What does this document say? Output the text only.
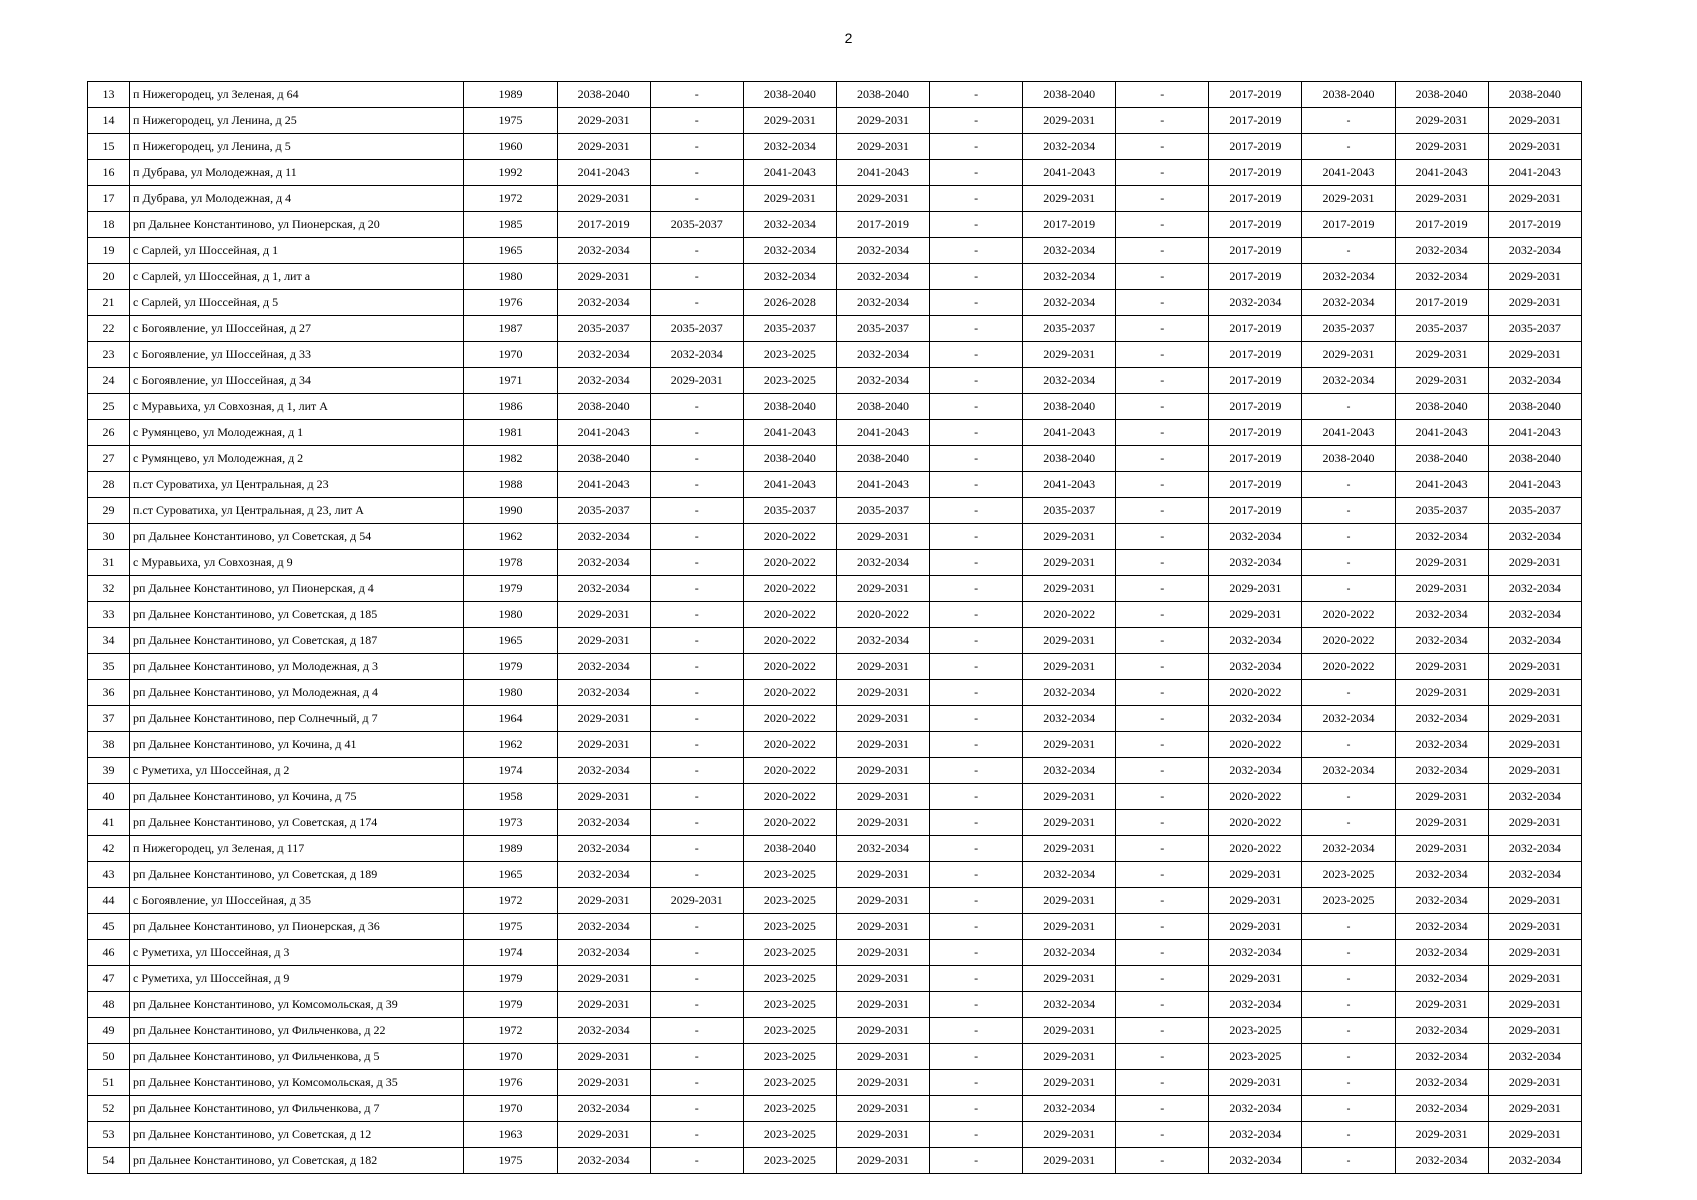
2
13	п Нижегородец, ул Зеленая, д 64	1989	2038-2040	-	2038-2040	2038-2040	-	2038-2040	-	2017-2019	2038-2040	2038-2040	2038-2040
14	п Нижегородец, ул Ленина, д 25	1975	2029-2031	-	2029-2031	2029-2031	-	2029-2031	-	2017-2019	-	2029-2031	2029-2031
15	п Нижегородец, ул Ленина, д 5	1960	2029-2031	-	2032-2034	2029-2031	-	2032-2034	-	2017-2019	-	2029-2031	2029-2031
16	п Дубрава, ул Молодежная, д 11	1992	2041-2043	-	2041-2043	2041-2043	-	2041-2043	-	2017-2019	2041-2043	2041-2043	2041-2043
17	п Дубрава, ул Молодежная, д 4	1972	2029-2031	-	2029-2031	2029-2031	-	2029-2031	-	2017-2019	2029-2031	2029-2031	2029-2031
18	рп Дальнее Константиново, ул Пионерская, д 20	1985	2017-2019	2035-2037	2032-2034	2017-2019	-	2017-2019	-	2017-2019	2017-2019	2017-2019	2017-2019
19	с Сарлей, ул Шоссейная, д 1	1965	2032-2034	-	2032-2034	2032-2034	-	2032-2034	-	2017-2019	-	2032-2034	2032-2034
20	с Сарлей, ул Шоссейная, д 1, лит а	1980	2029-2031	-	2032-2034	2032-2034	-	2032-2034	-	2017-2019	2032-2034	2032-2034	2029-2031
21	с Сарлей, ул Шоссейная, д 5	1976	2032-2034	-	2026-2028	2032-2034	-	2032-2034	-	2032-2034	2032-2034	2017-2019	2029-2031
22	с Богоявление, ул Шоссейная, д 27	1987	2035-2037	2035-2037	2035-2037	2035-2037	-	2035-2037	-	2017-2019	2035-2037	2035-2037	2035-2037
23	с Богоявление, ул Шоссейная, д 33	1970	2032-2034	2032-2034	2023-2025	2032-2034	-	2029-2031	-	2017-2019	2029-2031	2029-2031	2029-2031
24	с Богоявление, ул Шоссейная, д 34	1971	2032-2034	2029-2031	2023-2025	2032-2034	-	2032-2034	-	2017-2019	2032-2034	2029-2031	2032-2034
25	с Муравьиха, ул Совхозная, д 1, лит А	1986	2038-2040	-	2038-2040	2038-2040	-	2038-2040	-	2017-2019	-	2038-2040	2038-2040
26	с Румянцево, ул Молодежная, д 1	1981	2041-2043	-	2041-2043	2041-2043	-	2041-2043	-	2017-2019	2041-2043	2041-2043	2041-2043
27	с Румянцево, ул Молодежная, д 2	1982	2038-2040	-	2038-2040	2038-2040	-	2038-2040	-	2017-2019	2038-2040	2038-2040	2038-2040
28	п.ст Суроватиха, ул Центральная, д 23	1988	2041-2043	-	2041-2043	2041-2043	-	2041-2043	-	2017-2019	-	2041-2043	2041-2043
29	п.ст Суроватиха, ул Центральная, д 23, лит А	1990	2035-2037	-	2035-2037	2035-2037	-	2035-2037	-	2017-2019	-	2035-2037	2035-2037
30	рп Дальнее Константиново, ул Советская, д 54	1962	2032-2034	-	2020-2022	2029-2031	-	2029-2031	-	2032-2034	-	2032-2034	2032-2034
31	с Муравьиха, ул Совхозная, д 9	1978	2032-2034	-	2020-2022	2032-2034	-	2029-2031	-	2032-2034	-	2029-2031	2029-2031
32	рп Дальнее Константиново, ул Пионерская, д 4	1979	2032-2034	-	2020-2022	2029-2031	-	2029-2031	-	2029-2031	-	2029-2031	2032-2034
33	рп Дальнее Константиново, ул Советская, д 185	1980	2029-2031	-	2020-2022	2020-2022	-	2020-2022	-	2029-2031	2020-2022	2032-2034	2032-2034
34	рп Дальнее Константиново, ул Советская, д 187	1965	2029-2031	-	2020-2022	2032-2034	-	2029-2031	-	2032-2034	2020-2022	2032-2034	2032-2034
35	рп Дальнее Константиново, ул Молодежная, д 3	1979	2032-2034	-	2020-2022	2029-2031	-	2029-2031	-	2032-2034	2020-2022	2029-2031	2029-2031
36	рп Дальнее Константиново, ул Молодежная, д 4	1980	2032-2034	-	2020-2022	2029-2031	-	2032-2034	-	2020-2022	-	2029-2031	2029-2031
37	рп Дальнее Константиново, пер Солнечный, д 7	1964	2029-2031	-	2020-2022	2029-2031	-	2032-2034	-	2032-2034	2032-2034	2032-2034	2029-2031
38	рп Дальнее Константиново, ул Кочина, д 41	1962	2029-2031	-	2020-2022	2029-2031	-	2029-2031	-	2020-2022	-	2032-2034	2029-2031
39	с Руметиха, ул Шоссейная, д 2	1974	2032-2034	-	2020-2022	2029-2031	-	2032-2034	-	2032-2034	2032-2034	2032-2034	2029-2031
40	рп Дальнее Константиново, ул Кочина, д 75	1958	2029-2031	-	2020-2022	2029-2031	-	2029-2031	-	2020-2022	-	2029-2031	2032-2034
41	рп Дальнее Константиново, ул Советская, д 174	1973	2032-2034	-	2020-2022	2029-2031	-	2029-2031	-	2020-2022	-	2029-2031	2029-2031
42	п Нижегородец, ул Зеленая, д 117	1989	2032-2034	-	2038-2040	2032-2034	-	2029-2031	-	2020-2022	2032-2034	2029-2031	2032-2034
43	рп Дальнее Константиново, ул Советская, д 189	1965	2032-2034	-	2023-2025	2029-2031	-	2032-2034	-	2029-2031	2023-2025	2032-2034	2032-2034
44	с Богоявление, ул Шоссейная, д 35	1972	2029-2031	2029-2031	2023-2025	2029-2031	-	2029-2031	-	2029-2031	2023-2025	2032-2034	2029-2031
45	рп Дальнее Константиново, ул Пионерская, д 36	1975	2032-2034	-	2023-2025	2029-2031	-	2029-2031	-	2029-2031	-	2032-2034	2029-2031
46	с Руметиха, ул Шоссейная, д 3	1974	2032-2034	-	2023-2025	2029-2031	-	2032-2034	-	2032-2034	-	2032-2034	2029-2031
47	с Руметиха, ул Шоссейная, д 9	1979	2029-2031	-	2023-2025	2029-2031	-	2029-2031	-	2029-2031	-	2032-2034	2029-2031
48	рп Дальнее Константиново, ул Комсомольская, д 39	1979	2029-2031	-	2023-2025	2029-2031	-	2032-2034	-	2032-2034	-	2029-2031	2029-2031
49	рп Дальнее Константиново, ул Фильченкова, д 22	1972	2032-2034	-	2023-2025	2029-2031	-	2029-2031	-	2023-2025	-	2032-2034	2029-2031
50	рп Дальнее Константиново, ул Фильченкова, д 5	1970	2029-2031	-	2023-2025	2029-2031	-	2029-2031	-	2023-2025	-	2032-2034	2032-2034
51	рп Дальнее Константиново, ул Комсомольская, д 35	1976	2029-2031	-	2023-2025	2029-2031	-	2029-2031	-	2029-2031	-	2032-2034	2029-2031
52	рп Дальнее Константиново, ул Фильченкова, д 7	1970	2032-2034	-	2023-2025	2029-2031	-	2032-2034	-	2032-2034	-	2032-2034	2029-2031
53	рп Дальнее Константиново, ул Советская, д 12	1963	2029-2031	-	2023-2025	2029-2031	-	2029-2031	-	2032-2034	-	2029-2031	2029-2031
54	рп Дальнее Константиново, ул Советская, д 182	1975	2032-2034	-	2023-2025	2029-2031	-	2029-2031	-	2032-2034	-	2032-2034	2032-2034
